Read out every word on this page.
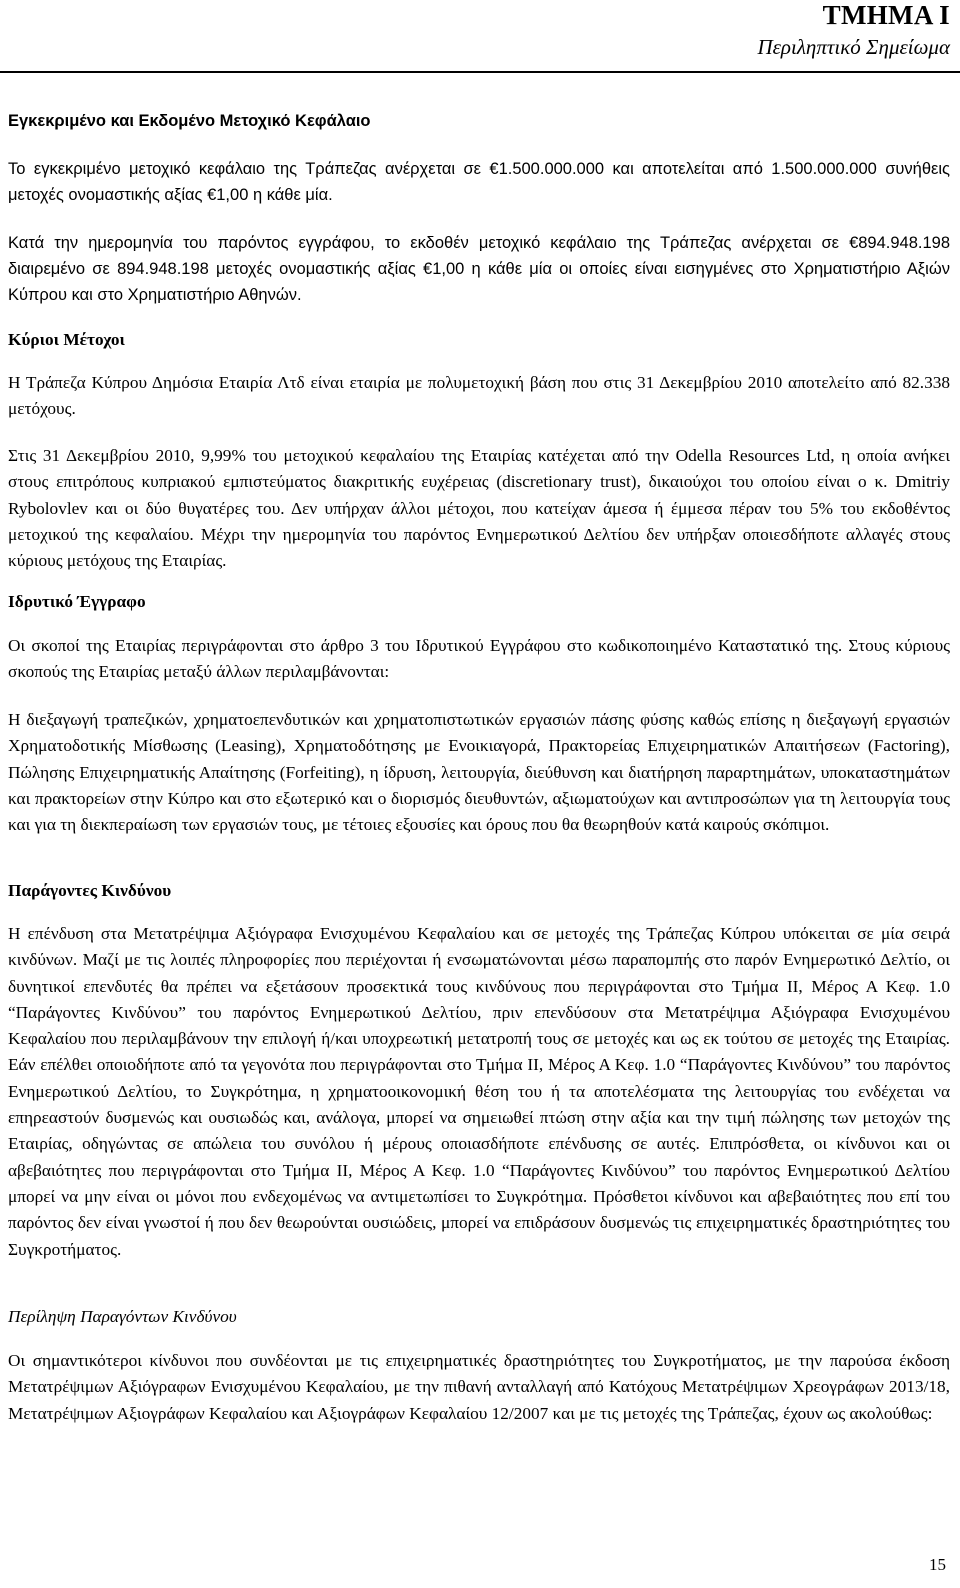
ΤΜΗΜΑ Ι

Περιληπτικό Σημείωμα

Εγκεκριμένο και Εκδομένο Μετοχικό Κεφάλαιο

Το εγκεκριμένο μετοχικό κεφάλαιο της Τράπεζας ανέρχεται σε €1.500.000.000 και αποτελείται από 1.500.000.000 συνήθεις μετοχές ονομαστικής αξίας €1,00 η κάθε μία.

Κατά την ημερομηνία του παρόντος εγγράφου, το εκδοθέν μετοχικό κεφάλαιο της Τράπεζας ανέρχεται σε €894.948.198 διαιρεμένο σε 894.948.198 μετοχές ονομαστικής αξίας €1,00 η κάθε μία οι οποίες είναι εισηγμένες στο Χρηματιστήριο Αξιών Κύπρου και στο Χρηματιστήριο Αθηνών.

Κύριοι Μέτοχοι

Η Τράπεζα Κύπρου Δημόσια Εταιρία Λτδ είναι εταιρία με πολυμετοχική βάση που στις 31 Δεκεμβρίου 2010 αποτελείτο από 82.338 μετόχους.

Στις 31 Δεκεμβρίου 2010, 9,99% του μετοχικού κεφαλαίου της Εταιρίας κατέχεται από την Odella Resources Ltd, η οποία ανήκει στους επιτρόπους κυπριακού εμπιστεύματος διακριτικής ευχέρειας (discretionary trust), δικαιούχοι του οποίου είναι ο κ. Dmitriy Rybolovlev και οι δύο θυγατέρες του. Δεν υπήρχαν άλλοι μέτοχοι, που κατείχαν άμεσα ή έμμεσα πέραν του 5% του εκδοθέντος μετοχικού της κεφαλαίου. Μέχρι την ημερομηνία του παρόντος Ενημερωτικού Δελτίου δεν υπήρξαν οποιεσδήποτε αλλαγές στους κύριους μετόχους της Εταιρίας.

Ιδρυτικό Έγγραφο

Οι σκοποί της Εταιρίας περιγράφονται στο άρθρο 3 του Ιδρυτικού Εγγράφου στο κωδικοποιημένο Καταστατικό της. Στους κύριους σκοπούς της Εταιρίας μεταξύ άλλων περιλαμβάνονται:

Η διεξαγωγή τραπεζικών, χρηματοεπενδυτικών και χρηματοπιστωτικών εργασιών πάσης φύσης καθώς επίσης η διεξαγωγή εργασιών Χρηματοδοτικής Μίσθωσης (Leasing), Χρηματοδότησης με Ενοικιαγορά, Πρακτορείας Επιχειρηματικών Απαιτήσεων (Factoring), Πώλησης Επιχειρηματικής Απαίτησης (Forfeiting), η ίδρυση, λειτουργία, διεύθυνση και διατήρηση παραρτημάτων, υποκαταστημάτων και πρακτορείων στην Κύπρο και στο εξωτερικό και ο διορισμός διευθυντών, αξιωματούχων και αντιπροσώπων για τη λειτουργία τους και για τη διεκπεραίωση των εργασιών τους, με τέτοιες εξουσίες και όρους που θα θεωρηθούν κατά καιρούς σκόπιμοι.

Παράγοντες Κινδύνου

Η επένδυση στα Μετατρέψιμα Αξιόγραφα Ενισχυμένου Κεφαλαίου και σε μετοχές της Τράπεζας Κύπρου υπόκειται σε μία σειρά κινδύνων. Μαζί με τις λοιπές πληροφορίες που περιέχονται ή ενσωματώνονται μέσω παραπομπής στο παρόν Ενημερωτικό Δελτίο, οι δυνητικοί επενδυτές θα πρέπει να εξετάσουν προσεκτικά τους κινδύνους που περιγράφονται στο Τμήμα ΙΙ, Μέρος Α Κεφ. 1.0 “Παράγοντες Κινδύνου” του παρόντος Ενημερωτικού Δελτίου, πριν επενδύσουν στα Μετατρέψιμα Αξιόγραφα Ενισχυμένου Κεφαλαίου που περιλαμβάνουν την επιλογή ή/και υποχρεωτική μετατροπή τους σε μετοχές και ως εκ τούτου σε μετοχές της Εταιρίας. Εάν επέλθει οποιοδήποτε από τα γεγονότα που περιγράφονται στο Τμήμα ΙΙ, Μέρος Α Κεφ. 1.0 “Παράγοντες Κινδύνου” του παρόντος Ενημερωτικού Δελτίου, το Συγκρότημα, η χρηματοοικονομική θέση του ή τα αποτελέσματα της λειτουργίας του ενδέχεται να επηρεαστούν δυσμενώς και ουσιωδώς και, ανάλογα, μπορεί να σημειωθεί πτώση στην αξία και την τιμή πώλησης των μετοχών της Εταιρίας, οδηγώντας σε απώλεια του συνόλου ή μέρους οποιασδήποτε επένδυσης σε αυτές. Επιπρόσθετα, οι κίνδυνοι και οι αβεβαιότητες που περιγράφονται στο Τμήμα ΙΙ, Μέρος Α Κεφ. 1.0 “Παράγοντες Κινδύνου” του παρόντος Ενημερωτικού Δελτίου μπορεί να μην είναι οι μόνοι που ενδεχομένως να αντιμετωπίσει το Συγκρότημα. Πρόσθετοι κίνδυνοι και αβεβαιότητες που επί του παρόντος δεν είναι γνωστοί ή που δεν θεωρούνται ουσιώδεις, μπορεί να επιδράσουν δυσμενώς τις επιχειρηματικές δραστηριότητες του Συγκροτήματος.

Περίληψη Παραγόντων Κινδύνου

Οι σημαντικότεροι κίνδυνοι που συνδέονται με τις επιχειρηματικές δραστηριότητες του Συγκροτήματος, με την παρούσα έκδοση Μετατρέψιμων Αξιόγραφων Ενισχυμένου Κεφαλαίου, με την πιθανή ανταλλαγή από Κατόχους Μετατρέψιμων Χρεογράφων 2013/18, Μετατρέψιμων Αξιογράφων Κεφαλαίου και Αξιογράφων Κεφαλαίου 12/2007 και με τις μετοχές της Τράπεζας, έχουν ως ακολούθως:

15
